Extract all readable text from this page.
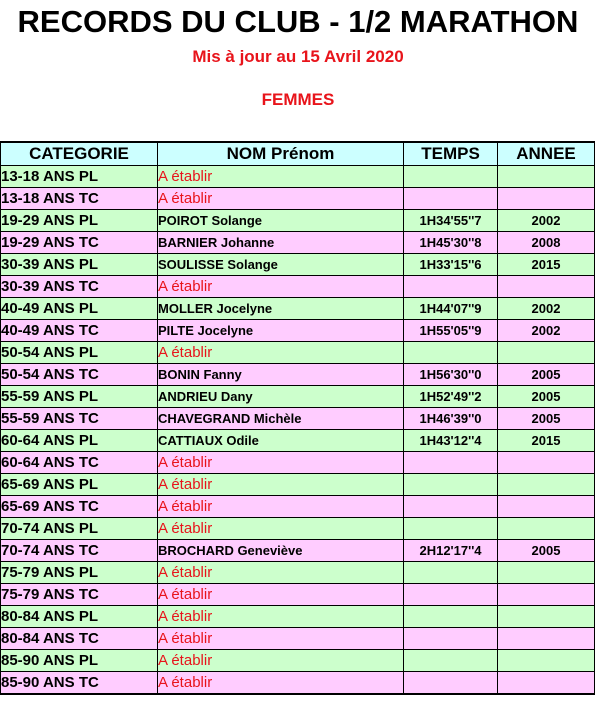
RECORDS DU CLUB - 1/2 MARATHON
Mis à jour au 15 Avril 2020
FEMMES
CATEGORIE	NOM Prénom	TEMPS	ANNEE
13-18 ANS PL	A établir		
13-18 ANS TC	A établir		
19-29 ANS PL	POIROT Solange	1H34'55''7	2002
19-29 ANS TC	BARNIER Johanne	1H45'30''8	2008
30-39 ANS PL	SOULISSE Solange	1H33'15''6	2015
30-39 ANS TC	A établir		
40-49 ANS PL	MOLLER Jocelyne	1H44'07''9	2002
40-49 ANS TC	PILTE Jocelyne	1H55'05''9	2002
50-54 ANS PL	A établir		
50-54 ANS TC	BONIN Fanny	1H56'30''0	2005
55-59 ANS PL	ANDRIEU Dany	1H52'49''2	2005
55-59 ANS TC	CHAVEGRAND Michèle	1H46'39''0	2005
60-64 ANS PL	CATTIAUX Odile	1H43'12''4	2015
60-64 ANS TC	A établir		
65-69 ANS PL	A établir		
65-69 ANS TC	A établir		
70-74 ANS PL	A établir		
70-74 ANS TC	BROCHARD Geneviève	2H12'17''4	2005
75-79 ANS PL	A établir		
75-79 ANS TC	A établir		
80-84 ANS PL	A établir		
80-84 ANS TC	A établir		
85-90 ANS PL	A établir		
85-90 ANS TC	A établir		
